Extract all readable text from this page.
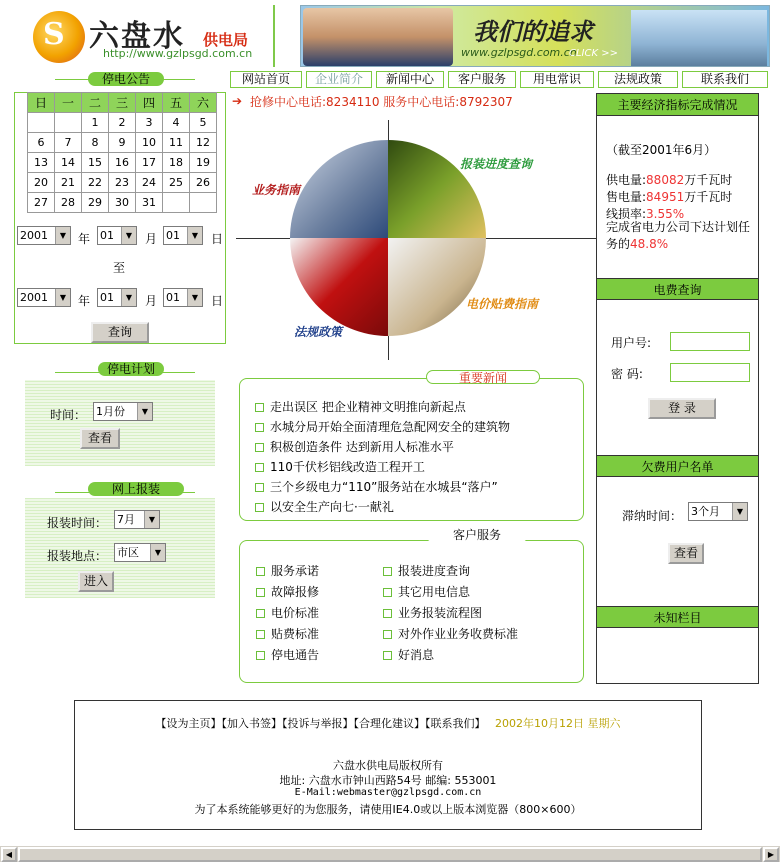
S 六盘水 供电局
http://www.gzlpsgd.com.cn
我们的追求
www.gzlpsgd.com.cn
CLICK >>
网站首页	企业简介	新闻中心	客户服务	用电常识	法规政策	联系我们
➔ 抢修中心电话:8234110 服务中心电话:8792307
停电公告
日	一	二	三	四	五	六
		1	2	3	4	5
6	7	8	9	10	11	12
13	14	15	16	17	18	19
20	21	22	23	24	25	26
27	28	29	30	31		
2001	▼ 年 01	▼	月 01	▼	日
至
2001	▼ 年 01	▼	月 01	▼	日
查询
停电计划
时间： 1月份	▼
查看
网上报装
报装时间： 7月	▼
报装地点： 市区	▼
进入
业务指南
报装进度查询
法规政策
电价贴费指南
重要新闻
走出误区 把企业精神文明推向新起点
水城分局开始全面清理危急配网安全的建筑物
积极创造条件 达到新用人标准水平
110千伏杉铝线改造工程开工
三个乡级电力“110”服务站在水城县“落户”
以安全生产向七·一献礼
客户服务
服务承诺
故障报修
电价标准
贴费标准
停电通告
报装进度查询
其它用电信息
业务报装流程图
对外作业业务收费标准
好消息
主要经济指标完成情况
（截至2001年6月）
供电量:88082万千瓦时
售电量:84951万千瓦时
线损率:3.55%
完成省电力公司下达计划任务的48.8%
电费查询
用户号:
密 码:
登 录
欠费用户名单
滞纳时间： 3个月	▼
查看
未知栏目
【设为主页】【加入书签】【投诉与举报】【合理化建议】【联系我们】 2002年10月12日 星期六
六盘水供电局版权所有
地址: 六盘水市钟山西路54号 邮编: 553001
E-Mail:webmaster@gzlpsgd.com.cn
为了本系统能够更好的为您服务，请使用IE4.0或以上版本浏览器（800×600）
◀	▶
